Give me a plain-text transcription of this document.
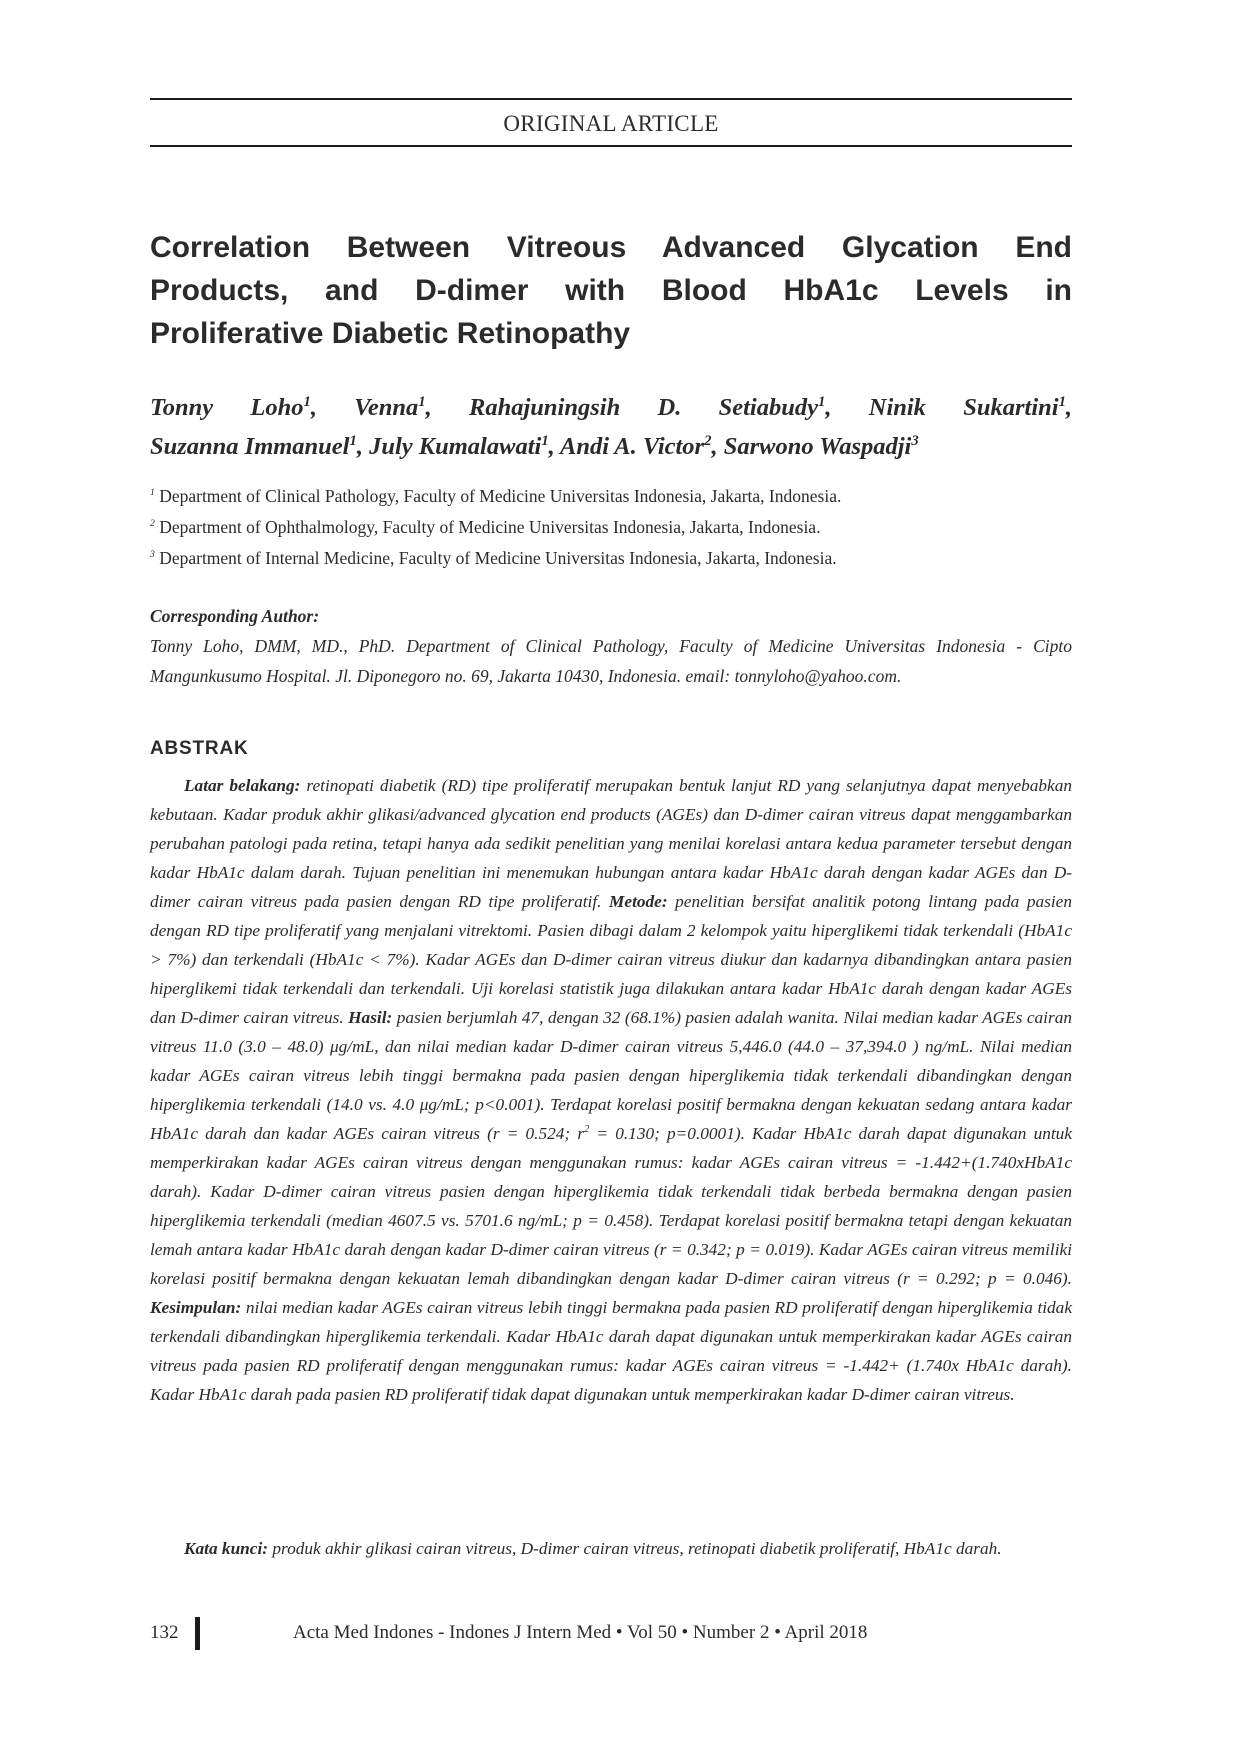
ORIGINAL ARTICLE
Correlation Between Vitreous Advanced Glycation End
Products, and D-dimer with Blood HbA1c Levels in
Proliferative Diabetic Retinopathy
Tonny Loho$^1$, Venna$^1$, Rahajuningsih D. Setiabudy$^1$, Ninik Sukartini$^1$,
Suzanna Immanuel$^1$, July Kumalawati$^1$, Andi A. Victor$^2$, Sarwono Waspadji$^3$
$^1$ Department of Clinical Pathology, Faculty of Medicine Universitas Indonesia, Jakarta, Indonesia.
$^2$ Department of Ophthalmology, Faculty of Medicine Universitas Indonesia, Jakarta, Indonesia.
$^3$ Department of Internal Medicine, Faculty of Medicine Universitas Indonesia, Jakarta, Indonesia.
Corresponding Author:
Tonny Loho, DMM, MD., PhD. Department of Clinical Pathology, Faculty of Medicine Universitas Indonesia - Cipto Mangunkusumo Hospital. Jl. Diponegoro no. 69, Jakarta 10430, Indonesia. email: tonnyloho@yahoo.com.
ABSTRAK

Latar belakang: retinopati diabetik (RD) tipe proliferatif merupakan bentuk lanjut RD yang selanjutnya dapat menyebabkan kebutaan. Kadar produk akhir glikasi/advanced glycation end products (AGEs) dan D-dimer cairan vitreus dapat menggambarkan perubahan patologi pada retina, tetapi hanya ada sedikit penelitian yang menilai korelasi antara kedua parameter tersebut dengan kadar HbA1c dalam darah. Tujuan penelitian ini menemukan hubungan antara kadar HbA1c darah dengan kadar AGEs dan D-dimer cairan vitreus pada pasien dengan RD tipe proliferatif. Metode: penelitian bersifat analitik potong lintang pada pasien dengan RD tipe proliferatif yang menjalani vitrektomi. Pasien dibagi dalam 2 kelompok yaitu hiperglikemi tidak terkendali (HbA1c > 7%) dan terkendali (HbA1c < 7%). Kadar AGEs dan D-dimer cairan vitreus diukur dan kadarnya dibandingkan antara pasien hiperglikemi tidak terkendali dan terkendali. Uji korelasi statistik juga dilakukan antara kadar HbA1c darah dengan kadar AGEs dan D-dimer cairan vitreus. Hasil: pasien berjumlah 47, dengan 32 (68.1%) pasien adalah wanita. Nilai median kadar AGEs cairan vitreus 11.0 (3.0 – 48.0) μg/mL, dan nilai median kadar D-dimer cairan vitreus 5,446.0 (44.0 – 37,394.0 ) ng/mL. Nilai median kadar AGEs cairan vitreus lebih tinggi bermakna pada pasien dengan hiperglikemia tidak terkendali dibandingkan dengan hiperglikemia terkendali (14.0 vs. 4.0 μg/mL; p<0.001). Terdapat korelasi positif bermakna dengan kekuatan sedang antara kadar HbA1c darah dan kadar AGEs cairan vitreus (r = 0.524; $r^2 = 0.130$; p=0.0001). Kadar HbA1c darah dapat digunakan untuk memperkirakan kadar AGEs cairan vitreus dengan menggunakan rumus: kadar AGEs cairan vitreus = -1.442+(1.740xHbA1c darah). Kadar D-dimer cairan vitreus pasien dengan hiperglikemia tidak terkendali tidak berbeda bermakna dengan pasien hiperglikemia terkendali (median 4607.5 vs. 5701.6 ng/mL; p = 0.458). Terdapat korelasi positif bermakna tetapi dengan kekuatan lemah antara kadar HbA1c darah dengan kadar D-dimer cairan vitreus (r = 0.342; p = 0.019). Kadar AGEs cairan vitreus memiliki korelasi positif bermakna dengan kekuatan lemah dibandingkan dengan kadar D-dimer cairan vitreus (r = 0.292; p = 0.046). Kesimpulan: nilai median kadar AGEs cairan vitreus lebih tinggi bermakna pada pasien RD proliferatif dengan hiperglikemia tidak terkendali dibandingkan hiperglikemia terkendali. Kadar HbA1c darah dapat digunakan untuk memperkirakan kadar AGEs cairan vitreus pada pasien RD proliferatif dengan menggunakan rumus: kadar AGEs cairan vitreus = -1.442+ (1.740x HbA1c darah). Kadar HbA1c darah pada pasien RD proliferatif tidak dapat digunakan untuk memperkirakan kadar D-dimer cairan vitreus.

Kata kunci: produk akhir glikasi cairan vitreus, D-dimer cairan vitreus, retinopati diabetik proliferatif, HbA1c darah.

132	Acta Med Indones - Indones J Intern Med • Vol 50 • Number 2 • April 2018
